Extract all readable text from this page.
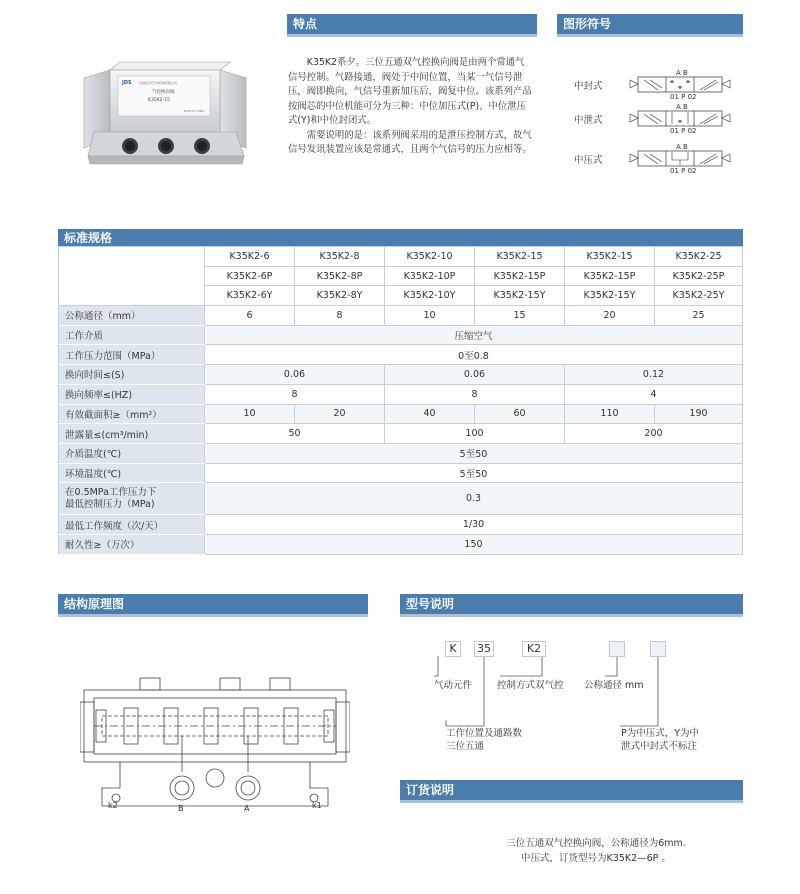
特点	图形符号
标准规格
结构原理图	型号说明
订货说明
JDS 宁波佳尔灵气动机械有限公司
气控换向阀
K35K2-15
MADE IN CHINA

K35K2系夕。三位五通双气控换向阀是由两个常通气信号控制。气路接通，阀处于中间位置，当某一气信号泄压，阀即换向，气信号重新加压后，阀复中位。该系列产品按阀芯的中位机能可分为三种：中位加压式(P)、中位泄压式(Y)和中位封闭式。

需要说明的是：该系列阀采用的是泄压控制方式，故气信号发讯装置应该是常通式，且两个气信号的压力应相等。

中封式
A B
01 P 02
中泄式
A B
01 P 02
中压式
A B
01 P 02
	K35K2-6	K35K2-8	K35K2-10	K35K2-15	K35K2-15	K35K2-25
	K35K2-6P	K35K2-8P	K35K2-10P	K35K2-15P	K35K2-15P	K35K2-25P
	K35K2-6Y	K35K2-8Y	K35K2-10Y	K35K2-15Y	K35K2-15Y	K35K2-25Y
公称通径（mm）	6	8	10	15	20	25
工作介质	压缩空气					
工作压力范围（MPa）	0至0.8					
换向时间≤(S)	0.06		0.06		0.12	
换向频率≤(HZ)	8		8		4	
有效截面积≥（mm²）	10	20	40	60	110	190
泄露量≤(cm³/min)	50		100		200	
介质温度(℃)	5至50					
环境温度(℃)	5至50					

在0.5MPa工作压力下
最低控制压力（MPa)	0.3					
最低工作频度（次/天）	1/30					
耐久性≥（万次）	150					
k2	B	A	k1
K	35	K2
气动元件	控制方式双气控 公称通径 mm
工作位置及通路数
三位五通
P为中压式，Y为中
泄式中封式不标注
三位五通双气控换向阀，公称通径为6mm.
中压式，订货型号为K35K2—6P 。
